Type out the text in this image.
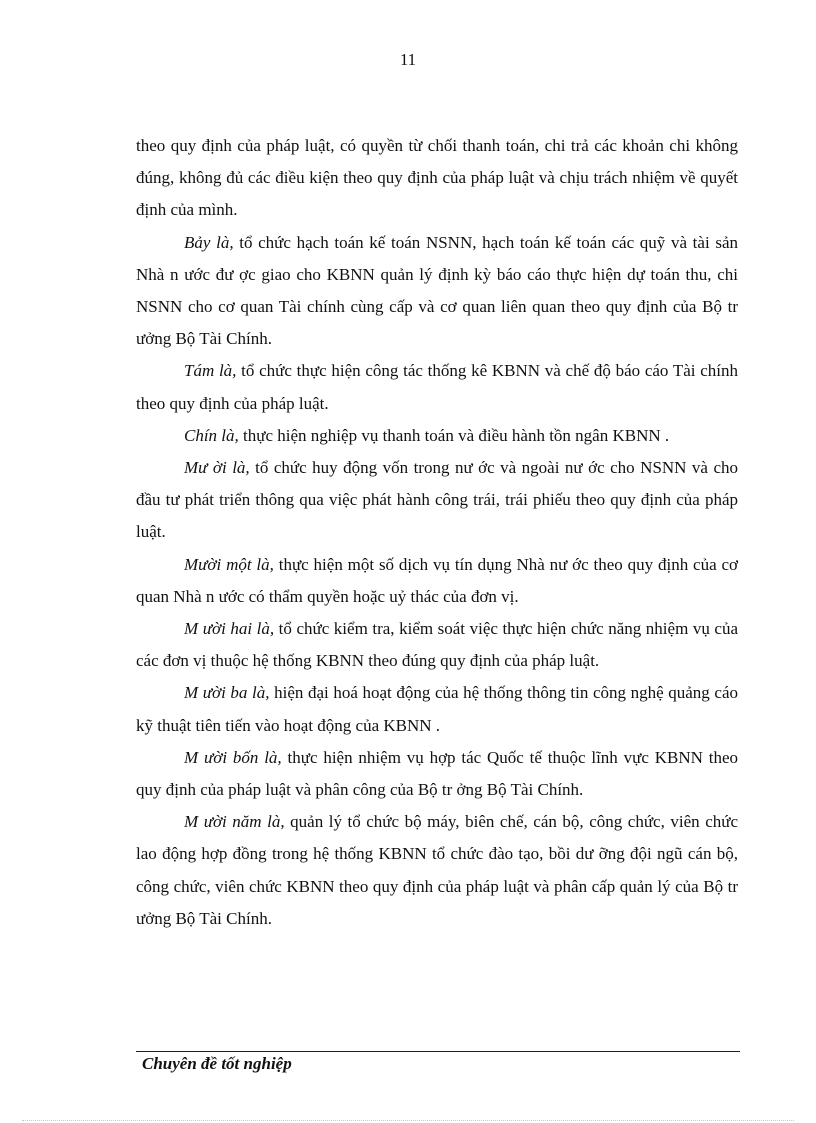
11

theo quy định của pháp luật, có quyền từ chối thanh toán, chi trả các khoản chi không đúng, không đủ các điều kiện theo quy định của pháp luật và chịu trách nhiệm về quyết định của mình.

Bảy là, tổ chức hạch toán kế toán NSNN, hạch toán kế toán các quỹ và tài sản Nhà n ước đư ợc giao cho KBNN quản lý định kỳ báo cáo thực hiện dự toán thu, chi NSNN cho cơ quan Tài chính cùng cấp và cơ quan liên quan theo quy định của Bộ tr ưởng Bộ Tài Chính.

Tám là, tổ chức thực hiện công tác thống kê KBNN và chế độ báo cáo Tài chính theo quy định của pháp luật.

Chín là, thực hiện nghiệp vụ thanh toán và điều hành tồn ngân KBNN .

Mư ời là, tổ chức huy động vốn trong nư ớc và ngoài nư ớc cho NSNN và cho đầu tư phát triển thông qua việc phát hành công trái, trái phiếu theo quy định của pháp luật.

Mười một là, thực hiện một số dịch vụ tín dụng Nhà nư ớc theo quy định của cơ quan Nhà n ước có thẩm quyền hoặc uỷ thác của đơn vị.

M ười hai là, tổ chức kiểm tra, kiểm soát việc thực hiện chức năng nhiệm vụ của các đơn vị thuộc hệ thống KBNN theo đúng quy định của pháp luật.

M ười ba là, hiện đại hoá hoạt động của hệ thống thông tin công nghệ quảng cáo kỹ thuật tiên tiến vào hoạt động của KBNN .

M ười bốn là, thực hiện nhiệm vụ hợp tác Quốc tế thuộc lĩnh vực KBNN theo quy định của pháp luật và phân công của Bộ tr ởng Bộ Tài Chính.

M ười năm là, quản lý tổ chức bộ máy, biên chế, cán bộ, công chức, viên chức lao động hợp đồng trong hệ thống KBNN tổ chức đào tạo, bồi dư ỡng đội ngũ cán bộ, công chức, viên chức KBNN theo quy định của pháp luật và phân cấp quản lý của Bộ tr ưởng Bộ Tài Chính.

Chuyên đề tốt nghiệp
